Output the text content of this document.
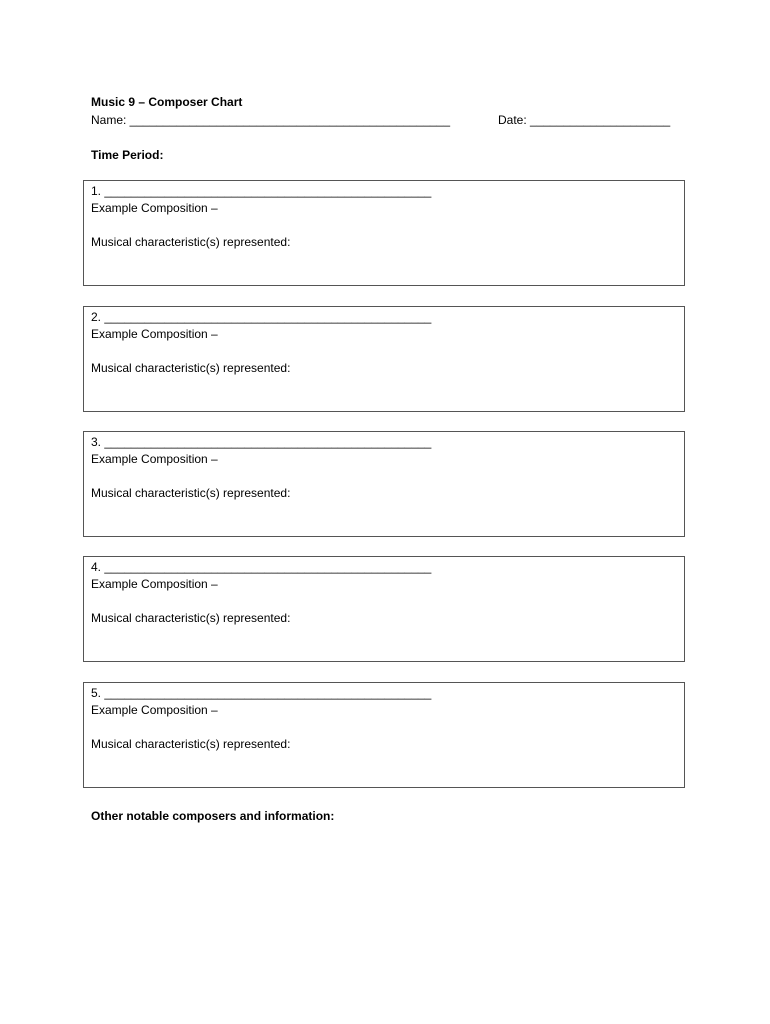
Music 9 – Composer Chart
Name: ________________________________________________	Date: _____________________
Time Period:
1. _________________________________________________
Example Composition –
Musical characteristic(s) represented:
2. _________________________________________________
Example Composition –
Musical characteristic(s) represented:
3. _________________________________________________
Example Composition –
Musical characteristic(s) represented:
4. _________________________________________________
Example Composition –
Musical characteristic(s) represented:
5. _________________________________________________
Example Composition –
Musical characteristic(s) represented:
Other notable composers and information:
